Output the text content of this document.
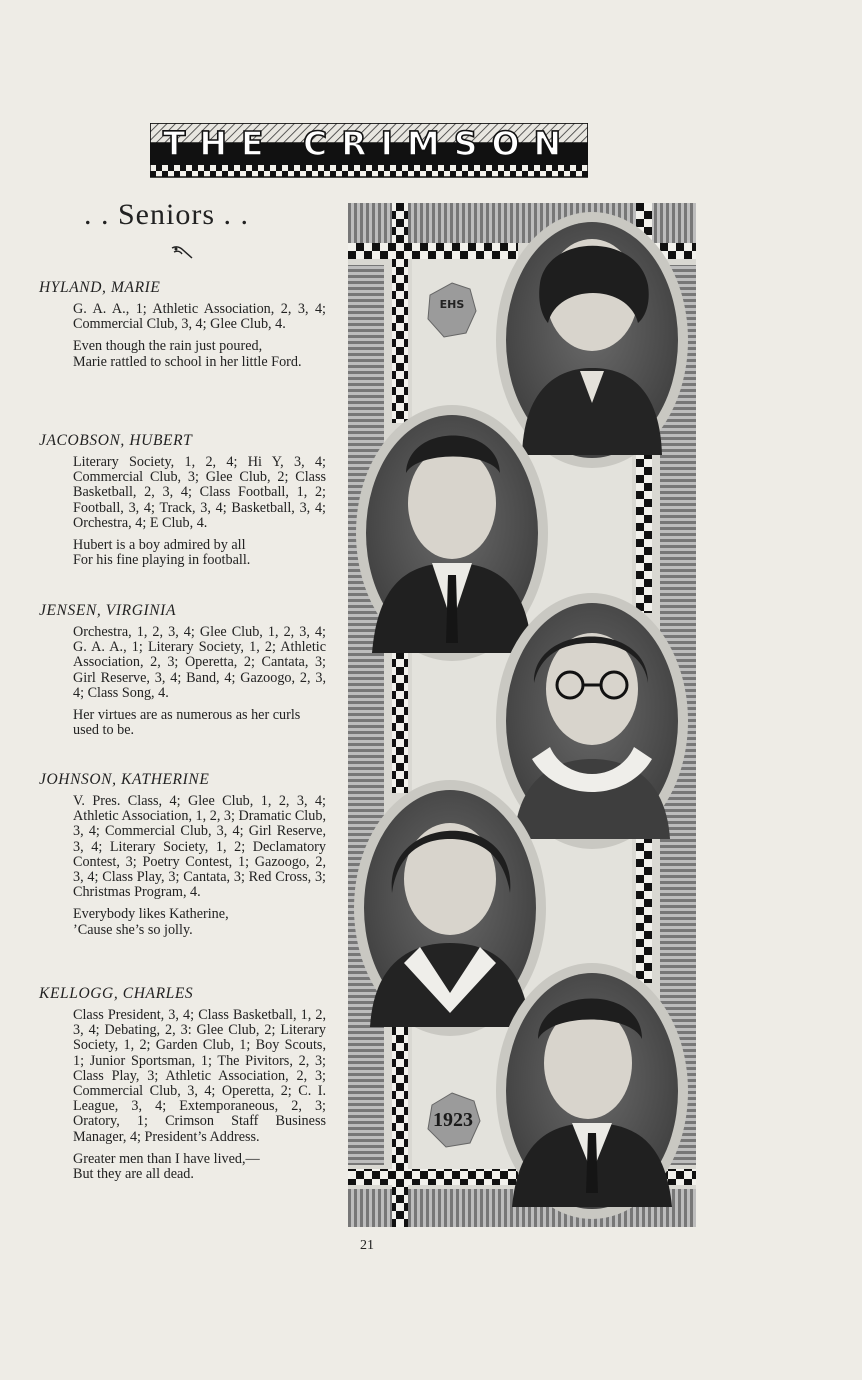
THE CRIMSON
. . Seniors . .
HYLAND, MARIE
G. A. A., 1; Athletic Association, 2, 3, 4; Commercial Club, 3, 4; Glee Club, 4.
Even though the rain just poured,
Marie rattled to school in her little Ford.
JACOBSON, HUBERT
Literary Society, 1, 2, 4; Hi Y, 3, 4; Commercial Club, 3; Glee Club, 2; Class Basketball, 2, 3, 4; Class Football, 1, 2; Football, 3, 4; Track, 3, 4; Basketball, 3, 4; Orchestra, 4; E Club, 4.
Hubert is a boy admired by all
For his fine playing in football.
JENSEN, VIRGINIA
Orchestra, 1, 2, 3, 4; Glee Club, 1, 2, 3, 4; G. A. A., 1; Literary Society, 1, 2; Athletic Association, 2, 3; Operetta, 2; Cantata, 3; Girl Reserve, 3, 4; Band, 4; Gazoogo, 2, 3, 4; Class Song, 4.
Her virtues are as numerous as her curls used to be.
JOHNSON, KATHERINE
V. Pres. Class, 4; Glee Club, 1, 2, 3, 4; Athletic Association, 1, 2, 3; Dramatic Club, 3, 4; Commercial Club, 3, 4; Girl Reserve, 3, 4; Literary Society, 1, 2; Declamatory Contest, 3; Poetry Contest, 1; Gazoogo, 2, 3, 4; Class Play, 3; Cantata, 3; Red Cross, 3; Christmas Program, 4.
Everybody likes Katherine,
’Cause she’s so jolly.
KELLOGG, CHARLES
Class President, 3, 4; Class Basketball, 1, 2, 3, 4; Debating, 2, 3: Glee Club, 2; Literary Society, 1, 2; Garden Club, 1; Boy Scouts, 1; Junior Sportsman, 1; The Pivitors, 2, 3; Class Play, 3; Athletic Association, 2, 3; Commercial Club, 3, 4; Operetta, 2; C. I. League, 3, 4; Extemporaneous, 2, 3; Oratory, 1; Crimson Staff Business Manager, 4; President’s Address.
Greater men than I have lived,—
But they are all dead.
EHS
1923
21
